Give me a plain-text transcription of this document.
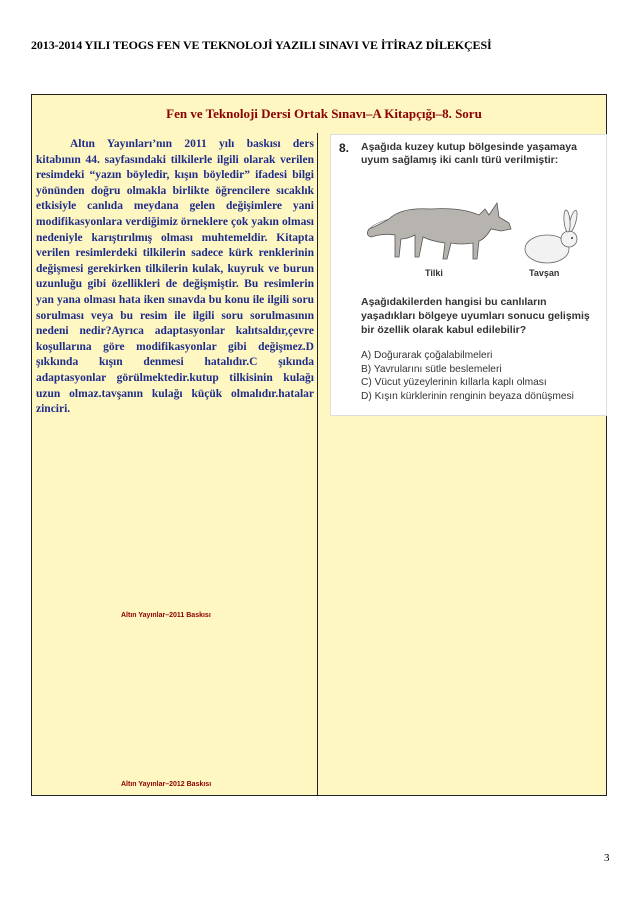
2013-2014 YILI TEOGS FEN VE TEKNOLOJİ YAZILI SINAVI VE İTİRAZ DİLEKÇESİ
Fen ve Teknoloji Dersi Ortak Sınavı–A Kitapçığı–8. Soru

Altın Yayınları’nın 2011 yılı baskısı ders kitabının 44. sayfasındaki tilkilerle ilgili olarak verilen resimdeki “yazın böyledir, kışın böyledir” ifadesi bilgi yönünden doğru olmakla birlikte öğrencilere sıcaklık etkisiyle canlıda meydana gelen değişimlere yani modifikasyonlara verdiğimiz örneklere çok yakın olması nedeniyle karıştırılmış olması muhtemeldir. Kitapta verilen resimlerdeki tilkilerin sadece kürk renklerinin değişmesi gerekirken tilkilerin kulak, kuyruk ve burun uzunluğu gibi özellikleri de değişmiştir. Bu resimlerin yan yana olması hata iken sınavda bu konu ile ilgili soru sorulması veya bu resim ile ilgili soru sorulmasının nedeni nedir?Ayrıca adaptasyonlar kalıtsaldır,çevre koşullarına göre modifikasyonlar gibi değişmez.D şıkkında kışın denmesi hatalıdır.C şıkında adaptasyonlar görülmektedir.kutup tilkisinin kulağı uzun olmaz.tavşanın kulağı küçük olmalıdır.hatalar zinciri.

Altın Yayınlar–2011 Baskısı
Altın Yayınlar–2012 Baskısı
8. Aşağıda kuzey kutup bölgesinde yaşamaya uyum sağlamış iki canlı türü verilmiştir:
Tilki	Tavşan
Aşağıdakilerden hangisi bu canlıların yaşadıkları bölgeye uyumları sonucu gelişmiş bir özellik olarak kabul edilebilir?
A) Doğurarak çoğalabilmeleri
B) Yavrularını sütle beslemeleri
C) Vücut yüzeylerinin kıllarla kaplı olması
D) Kışın kürklerinin renginin beyaza dönüşmesi
3
